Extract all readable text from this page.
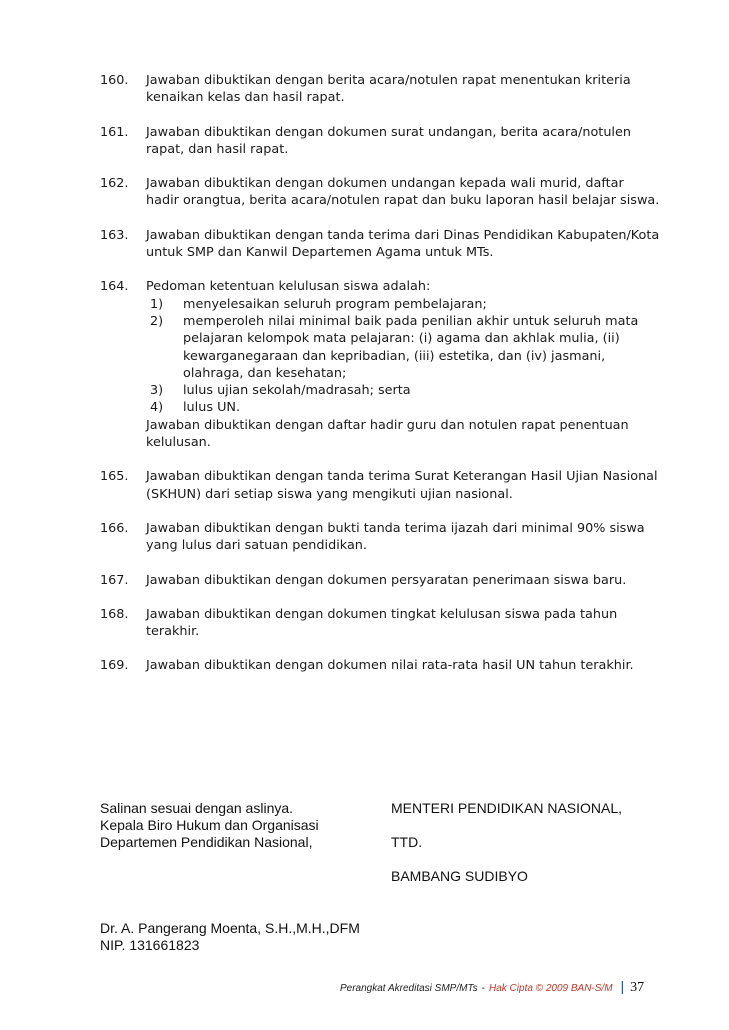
160.	Jawaban dibuktikan dengan berita acara/notulen rapat menentukan kriteria kenaikan kelas dan hasil rapat.
161.	Jawaban dibuktikan dengan dokumen surat undangan, berita acara/notulen rapat, dan hasil rapat.
162.	Jawaban dibuktikan dengan dokumen undangan kepada wali murid, daftar hadir orangtua, berita acara/notulen rapat dan buku laporan hasil belajar siswa.
163.	Jawaban dibuktikan dengan tanda terima dari Dinas Pendidikan Kabupaten/Kota untuk SMP dan Kanwil Departemen Agama untuk MTs.
164.	Pedoman ketentuan kelulusan siswa adalah:

1)	menyelesaikan seluruh program pembelajaran;
2)	memperoleh nilai minimal baik pada penilian akhir untuk seluruh mata pelajaran kelompok mata pelajaran: (i) agama dan akhlak mulia, (ii) kewarganegaraan dan kepribadian, (iii) estetika, dan (iv) jasmani, olahraga, dan kesehatan;
3)	lulus ujian sekolah/madrasah; serta
4)	lulus UN.

Jawaban dibuktikan dengan daftar hadir guru dan notulen rapat penentuan kelulusan.

165.	Jawaban dibuktikan dengan tanda terima Surat Keterangan Hasil Ujian Nasional (SKHUN) dari setiap siswa yang mengikuti ujian nasional.
166.	Jawaban dibuktikan dengan bukti tanda terima ijazah dari minimal 90% siswa yang lulus dari satuan pendidikan.
167.	Jawaban dibuktikan dengan dokumen persyaratan penerimaan siswa baru.
168.	Jawaban dibuktikan dengan dokumen tingkat kelulusan siswa pada tahun terakhir.
169.	Jawaban dibuktikan dengan dokumen nilai rata-rata hasil UN tahun terakhir.
Salinan sesuai dengan aslinya.
Kepala Biro Hukum dan Organisasi
Departemen Pendidikan Nasional,
MENTERI PENDIDIKAN NASIONAL,
TTD.
BAMBANG SUDIBYO
Dr. A. Pangerang Moenta, S.H.,M.H.,DFM
NIP. 131661823
Perangkat Akreditasi SMP/MTs - Hak Cipta © 2009 BAN-S/M | 37
